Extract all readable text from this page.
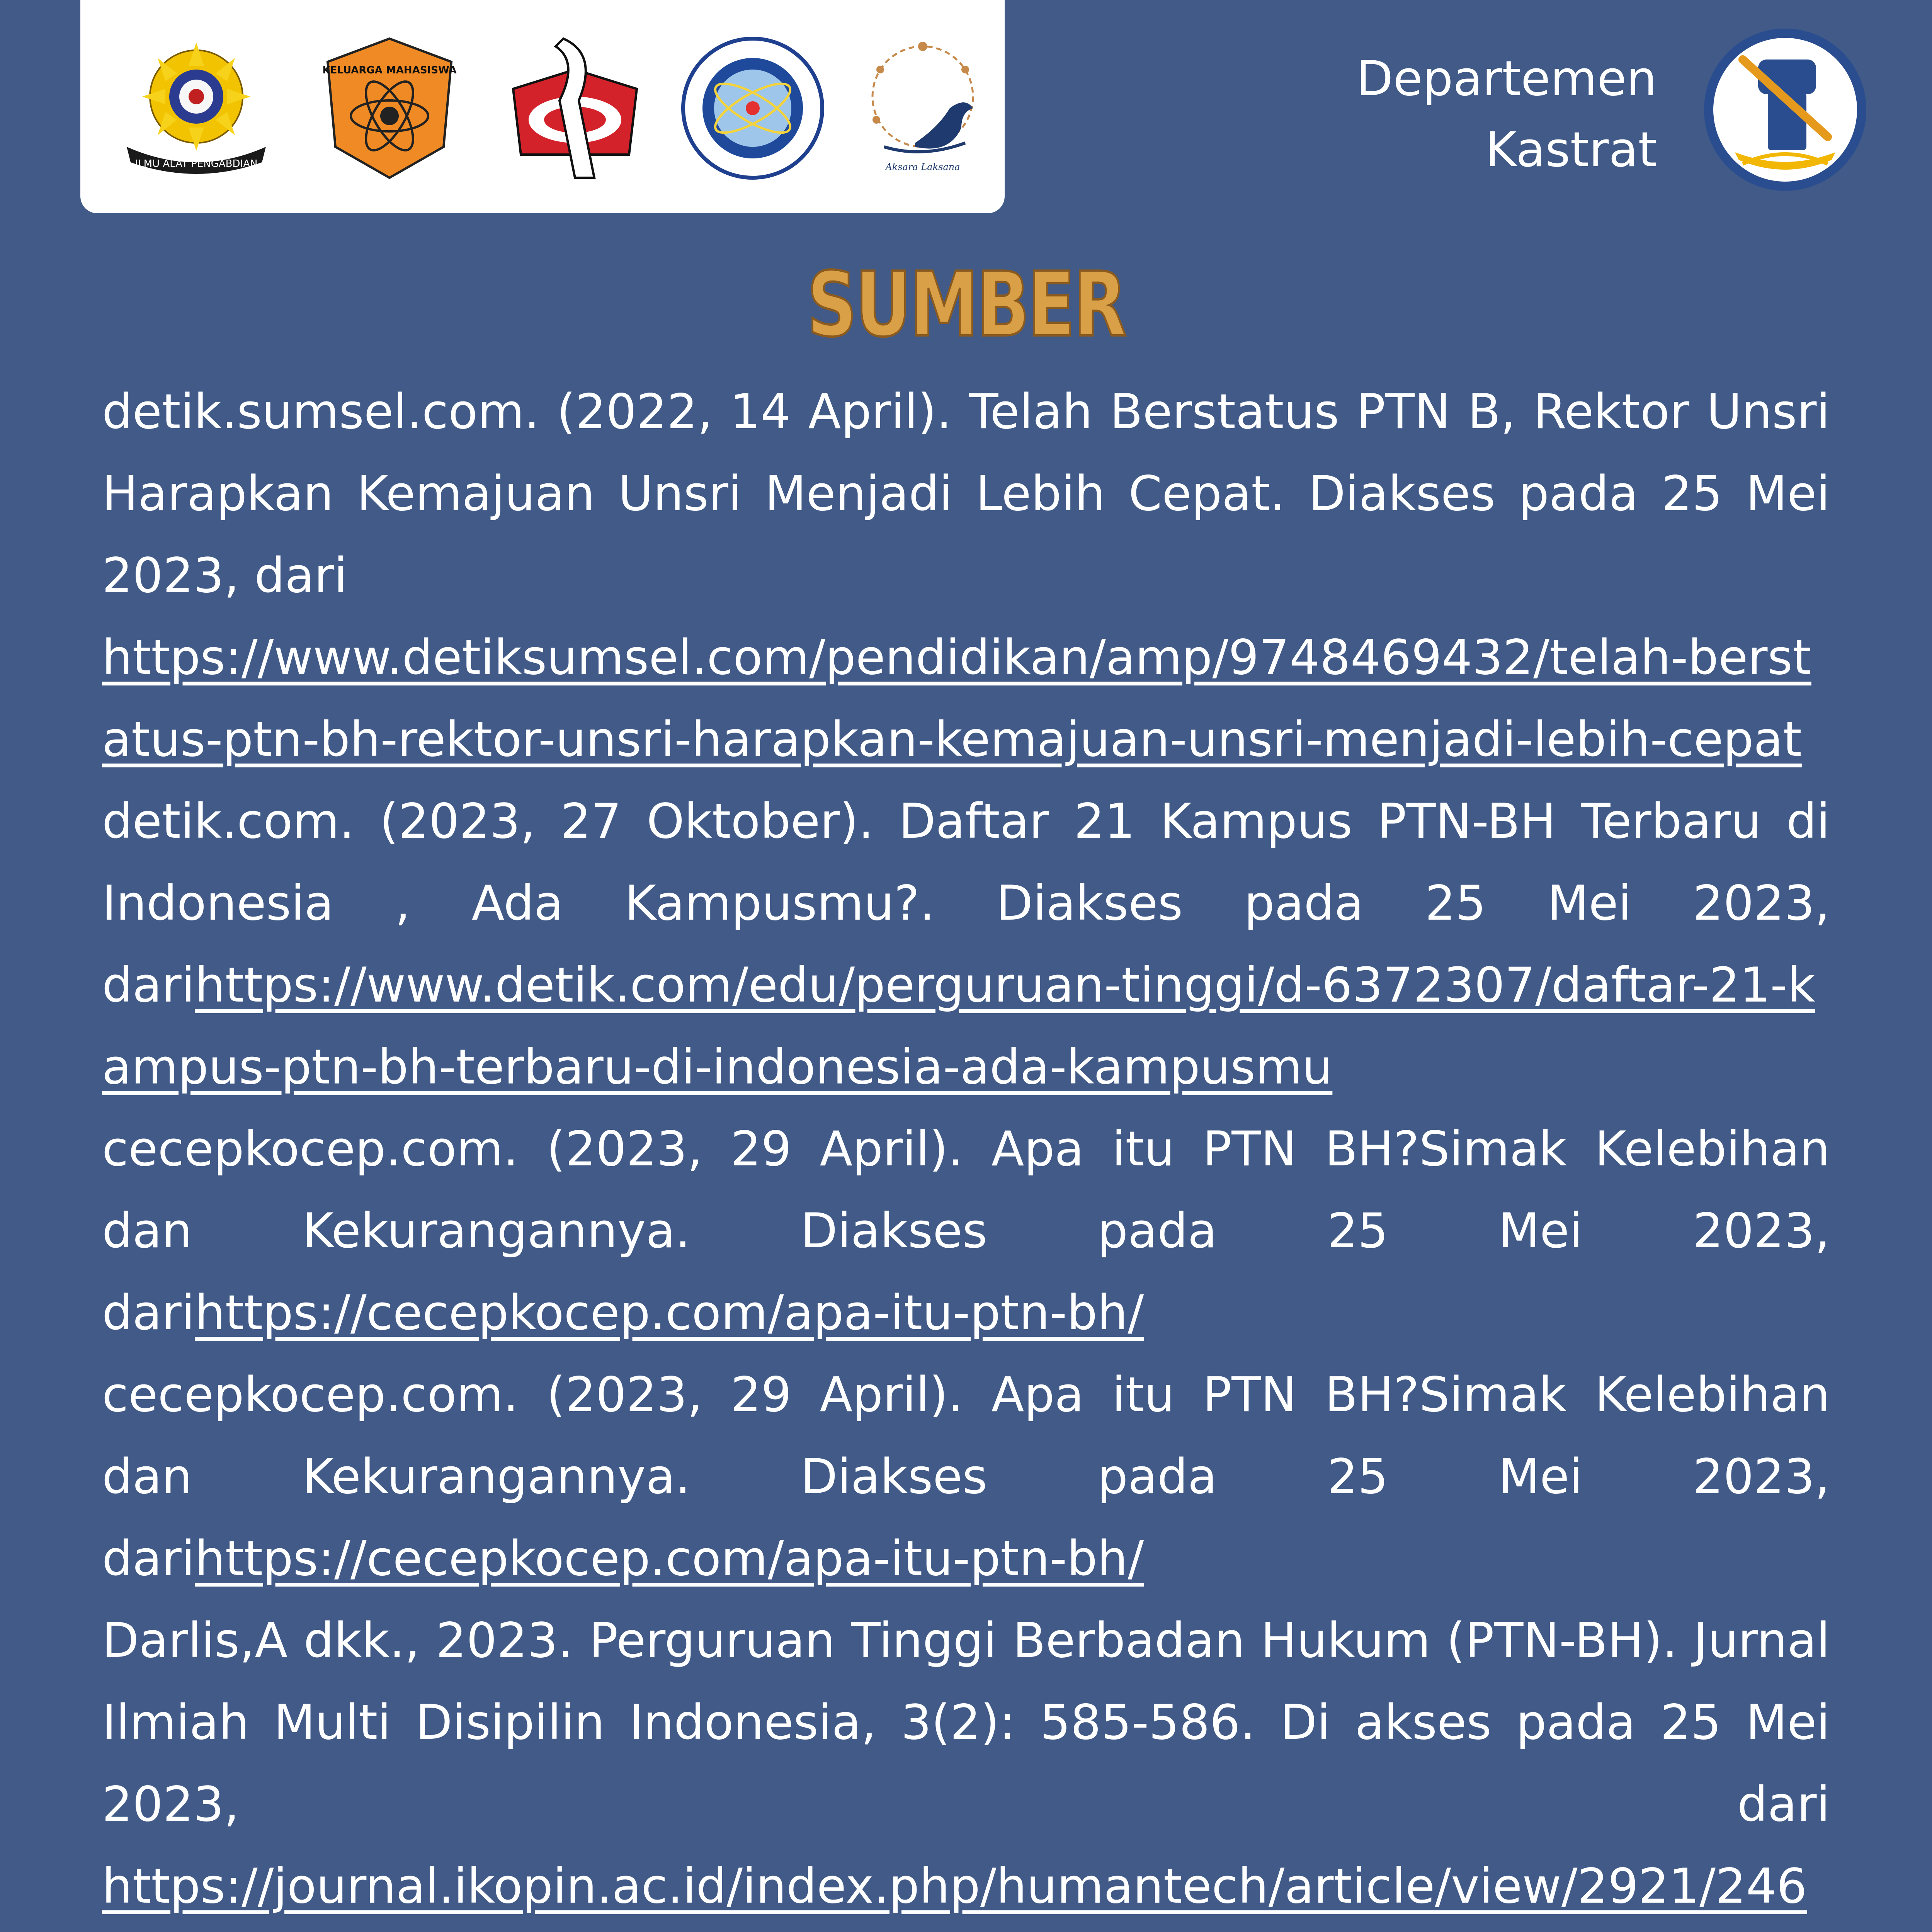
ILMU ALAT PENGABDIAN
KELUARGA MAHASISWA
Aksara Laksana
Departemen
Kastrat
SUMBER

detik.sumsel.com. (2022, 14 April). Telah Berstatus PTN B, Rektor Unsri Harapkan Kemajuan Unsri Menjadi Lebih Cepat. Diakses pada 25 Mei 2023, dari

https://www.detiksumsel.com/pendidikan/amp/9748469432/telah-berstatus-ptn-bh-rektor-unsri-harapkan-kemajuan-unsri-menjadi-lebih-cepat

detik.com. (2023, 27 Oktober). Daftar 21 Kampus PTN-BH Terbaru di Indonesia , Ada Kampusmu?. Diakses pada 25 Mei 2023,

darihttps://www.detik.com/edu/perguruan-tinggi/d-6372307/daftar-21-kampus-ptn-bh-terbaru-di-indonesia-ada-kampusmu

cecepkocep.com. (2023, 29 April). Apa itu PTN BH?Simak Kelebihan dan Kekurangannya. Diakses pada 25 Mei 2023,

darihttps://cecepkocep.com/apa-itu-ptn-bh/

cecepkocep.com. (2023, 29 April). Apa itu PTN BH?Simak Kelebihan dan Kekurangannya. Diakses pada 25 Mei 2023,

darihttps://cecepkocep.com/apa-itu-ptn-bh/

Darlis,A dkk., 2023. Perguruan Tinggi Berbadan Hukum (PTN-BH). Jurnal Ilmiah Multi Disipilin Indonesia, 3(2): 585-586. Di akses pada 25 Mei 2023, dari

https://journal.ikopin.ac.id/index.php/humantech/article/view/2921/246
